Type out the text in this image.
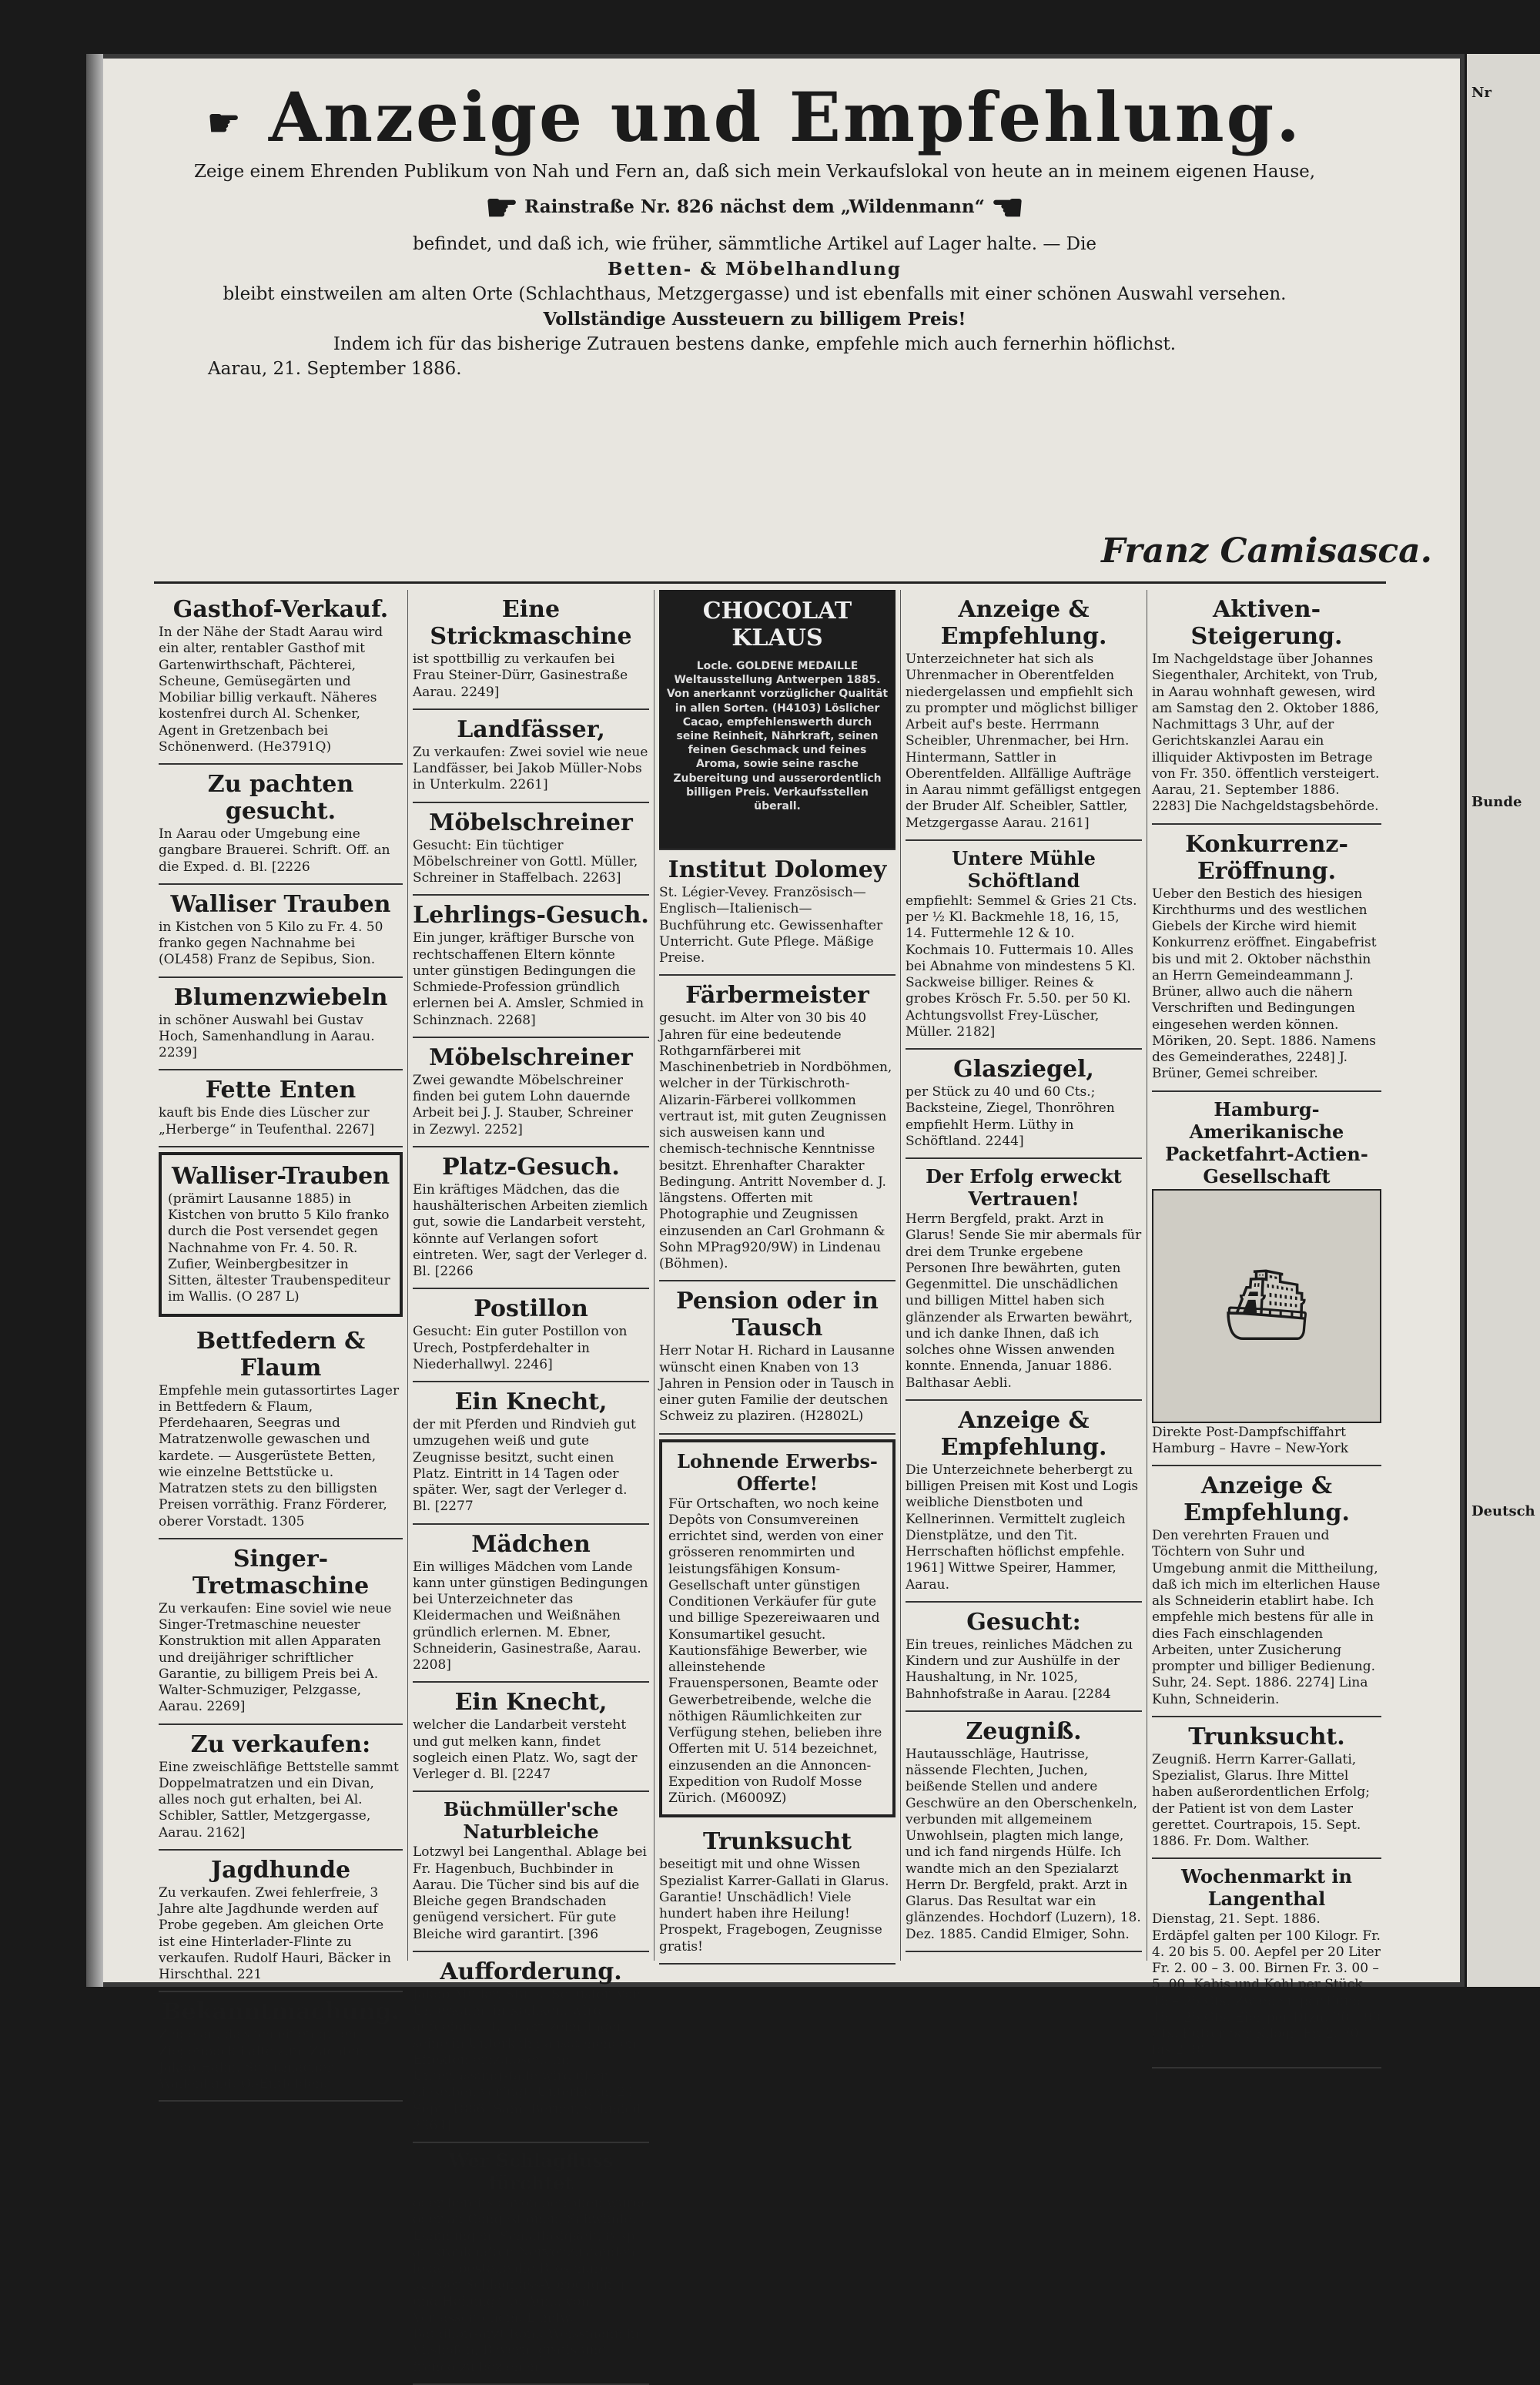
☛ Anzeige und Empfehlung.

Zeige einem Ehrenden Publikum von Nah und Fern an, daß sich mein Verkaufslokal von heute an in meinem eigenen Hause,

☛ Rainstraße Nr. 826 nächst dem „Wildenmann“ ☚

befindet, und daß ich, wie früher, sämmtliche Artikel auf Lager halte. — Die

Betten- & Möbelhandlung

bleibt einstweilen am alten Orte (Schlachthaus, Metzgergasse) und ist ebenfalls mit einer schönen Auswahl versehen.

Vollständige Aussteuern zu billigem Preis!

Indem ich für das bisherige Zutrauen bestens danke, empfehle mich auch fernerhin höflichst.

Aarau, 21. September 1886.

Franz Camisasca.
Gasthof-Verkauf.

In der Nähe der Stadt Aarau wird ein alter, rentabler Gasthof mit Gartenwirthschaft, Pächterei, Scheune, Gemüsegärten und Mobiliar billig verkauft. Näheres kostenfrei durch Al. Schenker, Agent in Gretzenbach bei Schönenwerd. (He3791Q)

Zu pachten gesucht.

In Aarau oder Umgebung eine gangbare Brauerei. Schrift. Off. an die Exped. d. Bl. [2226

Walliser Trauben

in Kistchen von 5 Kilo zu Fr. 4. 50 franko gegen Nachnahme bei (OL458) Franz de Sepibus, Sion.

Blumenzwiebeln

in schöner Auswahl bei Gustav Hoch, Samenhandlung in Aarau. 2239]

Fette Enten

kauft bis Ende dies Lüscher zur „Herberge“ in Teufenthal. 2267]

Walliser-Trauben

(prämirt Lausanne 1885) in Kistchen von brutto 5 Kilo franko durch die Post versendet gegen Nachnahme von Fr. 4. 50. R. Zufier, Weinbergbesitzer in Sitten, ältester Traubenspediteur im Wallis. (O 287 L)

Bettfedern & Flaum

Empfehle mein gutassortirtes Lager in Bettfedern & Flaum, Pferdehaaren, Seegras und Matratzenwolle gewaschen und kardete. — Ausgerüstete Betten, wie einzelne Bettstücke u. Matratzen stets zu den billigsten Preisen vorräthig. Franz Förderer, oberer Vorstadt. 1305

Singer-Tretmaschine

Zu verkaufen: Eine soviel wie neue Singer-Tretmaschine neuester Konstruktion mit allen Apparaten und dreijähriger schriftlicher Garantie, zu billigem Preis bei A. Walter-Schmuziger, Pelzgasse, Aarau. 2269]

Zu verkaufen:

Eine zweischläfige Bettstelle sammt Doppelmatratzen und ein Divan, alles noch gut erhalten, bei Al. Schibler, Sattler, Metzgergasse, Aarau. 2162]

Jagdhunde

Zu verkaufen. Zwei fehlerfreie, 3 Jahre alte Jagdhunde werden auf Probe gegeben. Am gleichen Orte ist eine Hinterlader-Flinte zu verkaufen. Rudolf Hauri, Bäcker in Hirschthal. 221

Bekanntmachung.

Zeige an, daß ich einen guten Ziegenbock halte zum Züchten. Jakob Hahn, Schutmacher Wallenland, O.-Entfelden.

Eine Strickmaschine

ist spottbillig zu verkaufen bei Frau Steiner-Dürr, Gasinestraße Aarau. 2249]

Landfässer,

Zu verkaufen: Zwei soviel wie neue Landfässer, bei Jakob Müller-Nobs in Unterkulm. 2261]

Möbelschreiner

Gesucht: Ein tüchtiger Möbelschreiner von Gottl. Müller, Schreiner in Staffelbach. 2263]

Lehrlings-Gesuch.

Ein junger, kräftiger Bursche von rechtschaffenen Eltern könnte unter günstigen Bedingungen die Schmiede-Profession gründlich erlernen bei A. Amsler, Schmied in Schinznach. 2268]

Möbelschreiner

Zwei gewandte Möbelschreiner finden bei gutem Lohn dauernde Arbeit bei J. J. Stauber, Schreiner in Zezwyl. 2252]

Platz-Gesuch.

Ein kräftiges Mädchen, das die haushälterischen Arbeiten ziemlich gut, sowie die Landarbeit versteht, könnte auf Verlangen sofort eintreten. Wer, sagt der Verleger d. Bl. [2266

Postillon

Gesucht: Ein guter Postillon von Urech, Postpferdehalter in Niederhallwyl. 2246]

Ein Knecht,

der mit Pferden und Rindvieh gut umzugehen weiß und gute Zeugnisse besitzt, sucht einen Platz. Eintritt in 14 Tagen oder später. Wer, sagt der Verleger d. Bl. [2277

Mädchen

Ein williges Mädchen vom Lande kann unter günstigen Bedingungen bei Unterzeichneter das Kleidermachen und Weißnähen gründlich erlernen. M. Ebner, Schneiderin, Gasinestraße, Aarau. 2208]

Ein Knecht,

welcher die Landarbeit versteht und gut melken kann, findet sogleich einen Platz. Wo, sagt der Verleger d. Bl. [2247

Büchmüller'sche Naturbleiche

Lotzwyl bei Langenthal. Ablage bei Fr. Hagenbuch, Buchbinder in Aarau. Die Tücher sind bis auf die Bleiche gegen Brandschaden genügend versichert. Für gute Bleiche wird garantirt. [396

Aufforderung.

Jakob Müller, Stülis, Schuster, von Unterkulm, in Kölliken, wird aufgefordert, innert zehn Tagen seine in Unterkulm ausstehenden Effekten einzulösen. Im Unterlassungsfalle wird über dieselben verfügt. Unterkulm, 24. Sept. 1886. Sam. Berner, Schmied. 2264]

Wer Schlagfluss fürchtet

oder bereits davon betroffen wurde oder an Congestionen, Schwindel, Lähmungen, Schlaflosigkeit, resp. an krankhaften Nervenzuständen leidet, bestelle die Broschüre „Ueber Schlagfluss-Vorbeugung und Heilung“, 5. Aufl., vom Verfasser, ehem. Landw. Bataillonsarzt Rom, Weissmann in Vilshofen, Bayern, gratis und franco zu beziehen.

CHOCOLAT KLAUS
Locle. GOLDENE MEDAILLE Weltausstellung Antwerpen 1885. Von anerkannt vorzüglicher Qualität in allen Sorten. (H4103) Löslicher Cacao, empfehlenswerth durch seine Reinheit, Nährkraft, seinen feinen Geschmack und feines Aroma, sowie seine rasche Zubereitung und ausserordentlich billigen Preis. Verkaufsstellen überall.
Institut Dolomey

St. Légier-Vevey. Französisch—Englisch—Italienisch—Buchführung etc. Gewissenhafter Unterricht. Gute Pflege. Mäßige Preise.

Färbermeister

gesucht. im Alter von 30 bis 40 Jahren für eine bedeutende Rothgarnfärberei mit Maschinenbetrieb in Nordböhmen, welcher in der Türkischroth-Alizarin-Färberei vollkommen vertraut ist, mit guten Zeugnissen sich ausweisen kann und chemisch-technische Kenntnisse besitzt. Ehrenhafter Charakter Bedingung. Antritt November d. J. längstens. Offerten mit Photographie und Zeugnissen einzusenden an Carl Grohmann & Sohn MPrag920/9W) in Lindenau (Böhmen).

Pension oder in Tausch

Herr Notar H. Richard in Lausanne wünscht einen Knaben von 13 Jahren in Pension oder in Tausch in einer guten Familie der deutschen Schweiz zu plaziren. (H2802L)

Lohnende Erwerbs-Offerte!

Für Ortschaften, wo noch keine Depôts von Consumvereinen errichtet sind, werden von einer grösseren renommirten und leistungsfähigen Konsum-Gesellschaft unter günstigen Conditionen Verkäufer für gute und billige Spezereiwaaren und Konsumartikel gesucht. Kautionsfähige Bewerber, wie alleinstehende Frauenspersonen, Beamte oder Gewerbetreibende, welche die nöthigen Räumlichkeiten zur Verfügung stehen, belieben ihre Offerten mit U. 514 bezeichnet, einzusenden an die Annoncen-Expedition von Rudolf Mosse Zürich. (M6009Z)

Trunksucht

beseitigt mit und ohne Wissen Spezialist Karrer-Gallati in Glarus. Garantie! Unschädlich! Viele hundert haben ihre Heilung! Prospekt, Fragebogen, Zeugnisse gratis!

Anzeige & Empfehlung.

Unterzeichneter hat sich als Uhrenmacher in Oberentfelden niedergelassen und empfiehlt sich zu prompter und möglichst billiger Arbeit auf's beste. Herrmann Scheibler, Uhrenmacher, bei Hrn. Hintermann, Sattler in Oberentfelden. Allfällige Aufträge in Aarau nimmt gefälligst entgegen der Bruder Alf. Scheibler, Sattler, Metzgergasse Aarau. 2161]

Untere Mühle Schöftland

empfiehlt: Semmel & Gries 21 Cts. per ½ Kl. Backmehle 18, 16, 15, 14. Futtermehle 12 & 10. Kochmais 10. Futtermais 10. Alles bei Abnahme von mindestens 5 Kl. Sackweise billiger. Reines & grobes Krösch Fr. 5.50. per 50 Kl. Achtungsvollst Frey-Lüscher, Müller. 2182]

Glasziegel,

per Stück zu 40 und 60 Cts.; Backsteine, Ziegel, Thonröhren empfiehlt Herm. Lüthy in Schöftland. 2244]

Der Erfolg erweckt Vertrauen!

Herrn Bergfeld, prakt. Arzt in Glarus! Sende Sie mir abermals für drei dem Trunke ergebene Personen Ihre bewährten, guten Gegenmittel. Die unschädlichen und billigen Mittel haben sich glänzender als Erwarten bewährt, und ich danke Ihnen, daß ich solches ohne Wissen anwenden konnte. Ennenda, Januar 1886. Balthasar Aebli.

Anzeige & Empfehlung.

Die Unterzeichnete beherbergt zu billigen Preisen mit Kost und Logis weibliche Dienstboten und Kellnerinnen. Vermittelt zugleich Dienstplätze, und den Tit. Herrschaften höflichst empfehle. 1961] Wittwe Speirer, Hammer, Aarau.

Gesucht:

Ein treues, reinliches Mädchen zu Kindern und zur Aushülfe in der Haushaltung, in Nr. 1025, Bahnhofstraße in Aarau. [2284

Zeugniß.

Hautausschläge, Hautrisse, nässende Flechten, Juchen, beißende Stellen und andere Geschwüre an den Oberschenkeln, verbunden mit allgemeinem Unwohlsein, plagten mich lange, und ich fand nirgends Hülfe. Ich wandte mich an den Spezialarzt Herrn Dr. Bergfeld, prakt. Arzt in Glarus. Das Resultat war ein glänzendes. Hochdorf (Luzern), 18. Dez. 1885. Candid Elmiger, Sohn.

Aktiven-Steigerung.

Im Nachgeldstage über Johannes Siegenthaler, Architekt, von Trub, in Aarau wohnhaft gewesen, wird am Samstag den 2. Oktober 1886, Nachmittags 3 Uhr, auf der Gerichtskanzlei Aarau ein illiquider Aktivposten im Betrage von Fr. 350. öffentlich versteigert. Aarau, 21. September 1886. 2283] Die Nachgeldstagsbehörde.

Konkurrenz-Eröffnung.

Ueber den Bestich des hiesigen Kirchthurms und des westlichen Giebels der Kirche wird hiemit Konkurrenz eröffnet. Eingabefrist bis und mit 2. Oktober nächsthin an Herrn Gemeindeammann J. Brüner, allwo auch die nähern Verschriften und Bedingungen eingesehen werden können. Möriken, 20. Sept. 1886. Namens des Gemeinderathes, 2248] J. Brüner, Gemei schreiber.

Hamburg-Amerikanische Packetfahrt-Actien-Gesellschaft
⛴

Direkte Post-Dampfschiffahrt Hamburg – Havre – New-York

Anzeige & Empfehlung.

Den verehrten Frauen und Töchtern von Suhr und Umgebung anmit die Mittheilung, daß ich mich im elterlichen Hause als Schneiderin etablirt habe. Ich empfehle mich bestens für alle in dies Fach einschlagenden Arbeiten, unter Zusicherung prompter und billiger Bedienung. Suhr, 24. Sept. 1886. 2274] Lina Kuhn, Schneiderin.

Trunksucht.

Zeugniß. Herrn Karrer-Gallati, Spezialist, Glarus. Ihre Mittel haben außerordentlichen Erfolg; der Patient ist von dem Laster gerettet. Courtrapois, 15. Sept. 1886. Fr. Dom. Walther.

Wochenmarkt in Langenthal

Dienstag, 21. Sept. 1886. Erdäpfel galten per 100 Kilogr. Fr. 4. 20 bis 5. 00. Aepfel per 20 Liter Fr. 2. 00 – 3. 00. Birnen Fr. 3. 00 – 5. 00. Kabis und Kohl per Stück 15 – 25 Cts. Zwiebeln per Bund 15 – 25 Cts. Eier per Dtzd. 80 – 90 Cts. Butter per Kilogr. Fr. 2. 70 bis 2. 90.

Nr
Bunde
Deutsch
